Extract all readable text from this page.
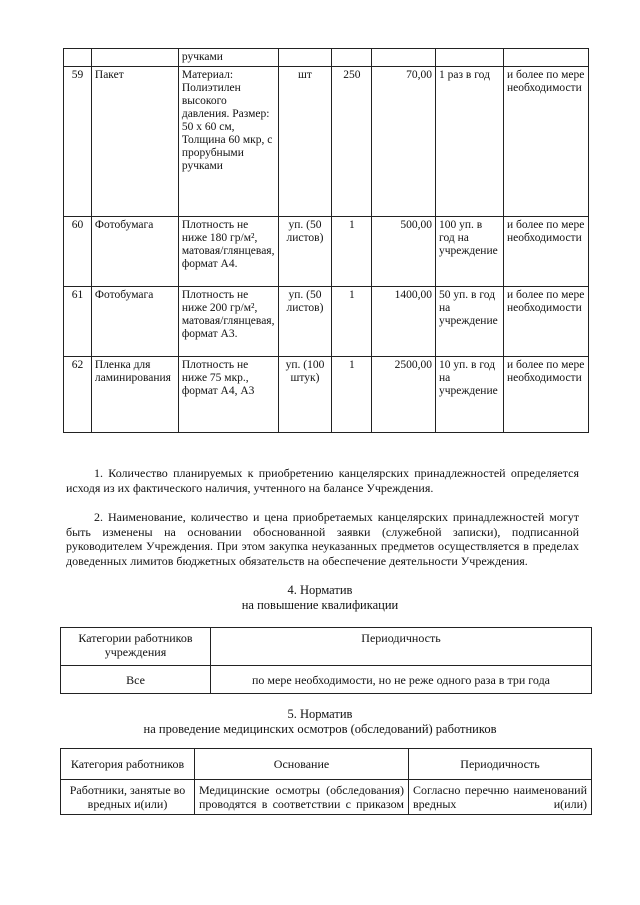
		ручками					
59	Пакет	Материал: Полиэтилен высокого давления. Размер: 50 х 60 см, Толщина 60 мкр, с прорубными ручками	шт	250	70,00	1 раз в год	и более по мере необходимости
60	Фотобумага	Плотность не ниже 180 гр/м², матовая/глянцевая, формат А4.	уп. (50 листов)	1	500,00	100 уп. в год на учреждение	и более по мере необходимости
61	Фотобумага	Плотность не ниже 200 гр/м², матовая/глянцевая, формат А3.	уп. (50 листов)	1	1400,00	50 уп. в год на учреждение	и более по мере необходимости
62	Пленка для ламинирования	Плотность не ниже 75 мкр., формат А4, А3	уп. (100 штук)	1	2500,00	10 уп. в год на учреждение	и более по мере необходимости
1. Количество планируемых к приобретению канцелярских принадлежностей определяется исходя из их фактического наличия, учтенного на балансе Учреждения.
2. Наименование, количество и цена приобретаемых канцелярских принадлежностей могут быть изменены на основании обоснованной заявки (служебной записки), подписанной руководителем Учреждения. При этом закупка неуказанных предметов осуществляется в пределах доведенных лимитов бюджетных обязательств на обеспечение деятельности Учреждения.
4. Норматив
на повышение квалификации
Категории работников учреждения	Периодичность
Все	по мере необходимости, но не реже одного раза в три года
5. Норматив
на проведение медицинских осмотров (обследований) работников
Категория работников	Основание	Периодичность
Работники, занятые во вредных и(или)	Медицинские осмотры (обследования) проводятся в соответствии с приказом	Согласно перечню наименований вредных и(или)
